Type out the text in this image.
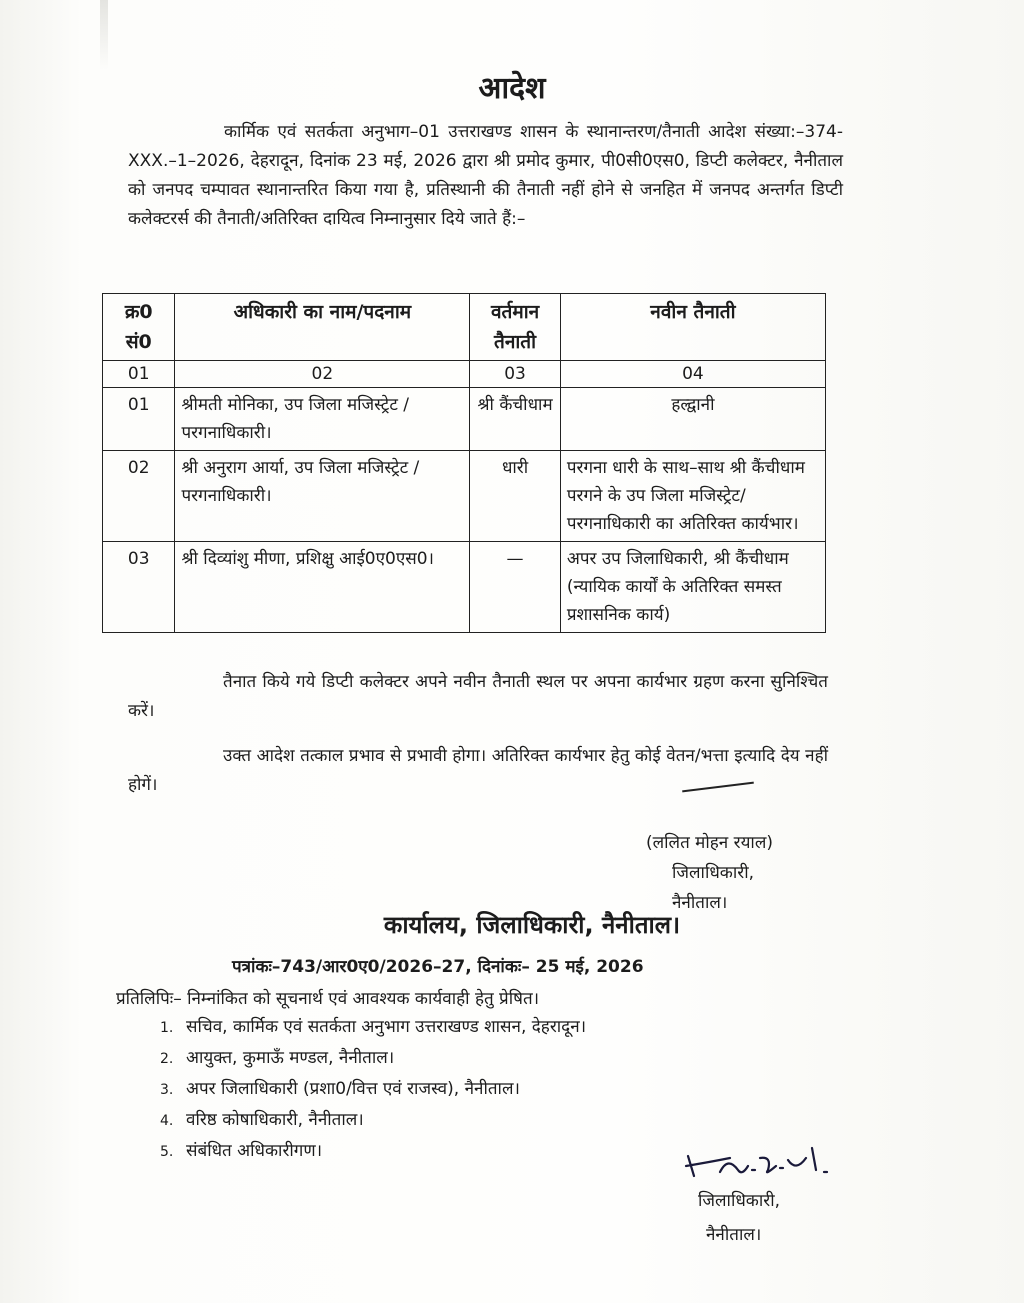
आदेश
कार्मिक एवं सतर्कता अनुभाग–01 उत्तराखण्ड शासन के स्थानान्तरण/तैनाती आदेश संख्या:–374-XXX.–1–2026, देहरादून, दिनांक 23 मई, 2026 द्वारा श्री प्रमोद कुमार, पी0सी0एस0, डिप्टी कलेक्टर, नैनीताल को जनपद चम्पावत स्थानान्तरित किया गया है, प्रतिस्थानी की तैनाती नहीं होने से जनहित में जनपद अन्तर्गत डिप्टी कलेक्टरर्स की तैनाती/अतिरिक्त दायित्व निम्नानुसार दिये जाते हैं:–
क्र0 सं0	अधिकारी का नाम/पदनाम	वर्तमान तैनाती	नवीन तैनाती
01	02	03	04
01	श्रीमती मोनिका, उप जिला मजिस्ट्रेट /परगनाधिकारी।	श्री कैंचीधाम	हल्द्वानी
02	श्री अनुराग आर्या, उप जिला मजिस्ट्रेट /परगनाधिकारी।	धारी	परगना धारी के साथ–साथ श्री कैंचीधाम परगने के उप जिला मजिस्ट्रेट/परगनाधिकारी का अतिरिक्त कार्यभार।
03	श्री दिव्यांशु मीणा, प्रशिक्षु आई0ए0एस0।	—	अपर उप जिलाधिकारी, श्री कैंचीधाम (न्यायिक कार्यों के अतिरिक्त समस्त प्रशासनिक कार्य)
तैनात किये गये डिप्टी कलेक्टर अपने नवीन तैनाती स्थल पर अपना कार्यभार ग्रहण करना सुनिश्चित करें।
उक्त आदेश तत्काल प्रभाव से प्रभावी होगा। अतिरिक्त कार्यभार हेतु कोई वेतन/भत्ता इत्यादि देय नहीं होगें।
(ललित मोहन रयाल)
जिलाधिकारी,
नैनीताल।
कार्यालय, जिलाधिकारी, नैनीताल।
पत्रांकः–743/आर0ए0/2026–27, दिनांकः– 25 मई, 2026
प्रतिलिपिः– निम्नांकित को सूचनार्थ एवं आवश्यक कार्यवाही हेतु प्रेषित।
1. सचिव, कार्मिक एवं सतर्कता अनुभाग उत्तराखण्ड शासन, देहरादून।
2. आयुक्त, कुमाऊँ मण्डल, नैनीताल।
3. अपर जिलाधिकारी (प्रशा0/वित्त एवं राजस्व), नैनीताल।
4. वरिष्ठ कोषाधिकारी, नैनीताल।
5. संबंधित अधिकारीगण।
जिलाधिकारी,
नैनीताल।
